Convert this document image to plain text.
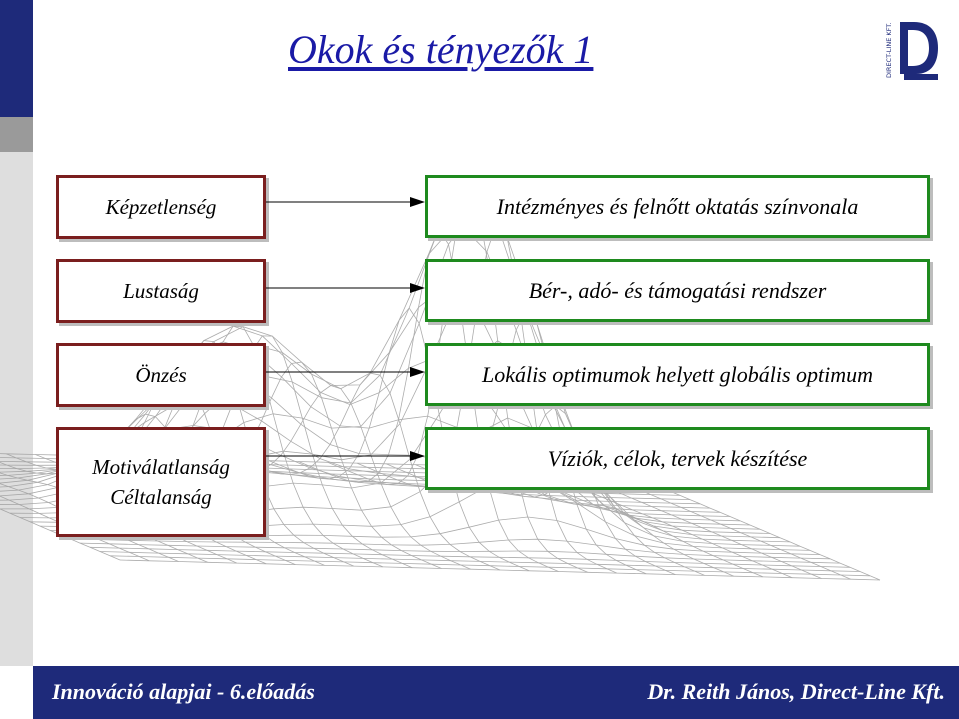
Okok és tényezők 1	DIRECT-LINE KFT.
Képzetlenség
Lustaság
Önzés
Motiválatlanság
Céltalanság
Intézményes és felnőtt oktatás színvonala
Bér-, adó- és támogatási rendszer
Lokális optimumok helyett globális optimum
Víziók, célok, tervek készítése
Innováció alapjai - 6.előadás	Dr. Reith János, Direct-Line Kft.
